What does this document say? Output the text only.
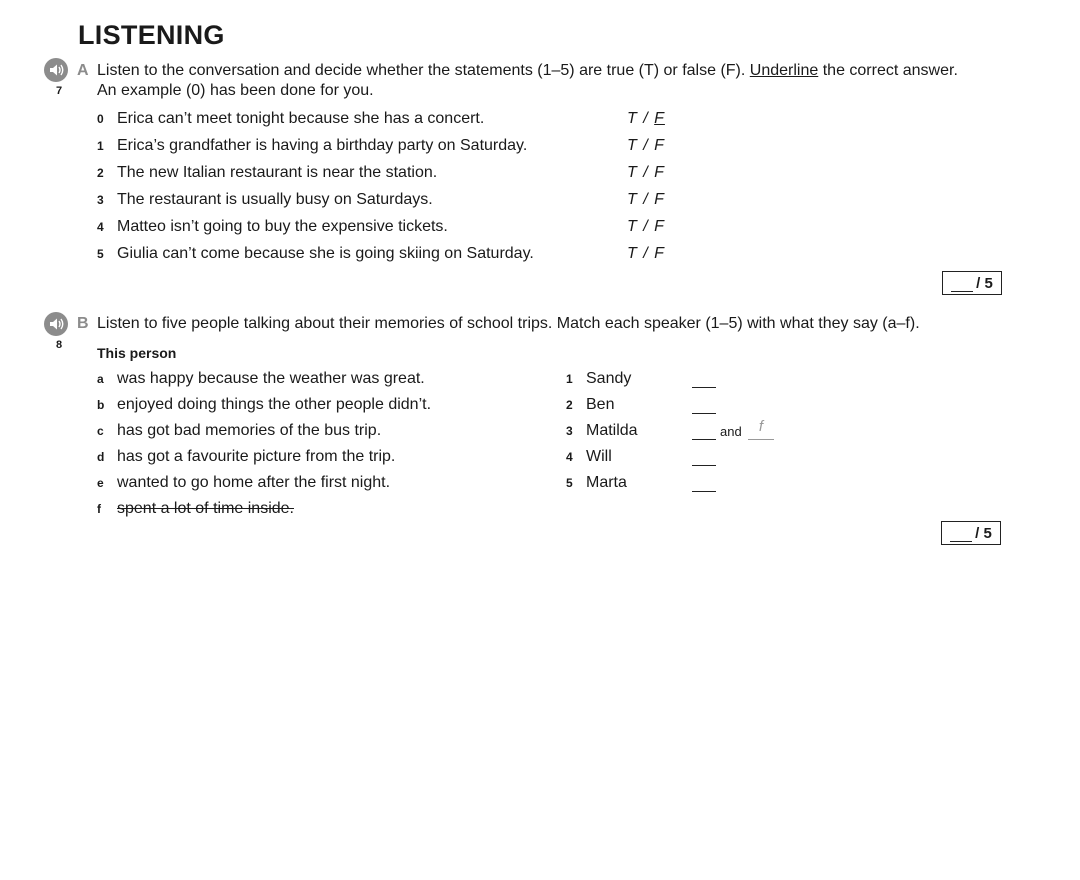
LISTENING
7
A Listen to the conversation and decide whether the statements (1–5) are true (T) or false (F). Underline the correct answer.
An example (0) has been done for you.
0 Erica can’t meet tonight because she has a concert.	T / F
1 Erica’s grandfather is having a birthday party on Saturday.	T / F
2 The new Italian restaurant is near the station.	T / F
3 The restaurant is usually busy on Saturdays.	T / F
4 Matteo isn’t going to buy the expensive tickets.	T / F
5 Giulia can’t come because she is going skiing on Saturday.	T / F
/ 5
8
B Listen to five people talking about their memories of school trips. Match each speaker (1–5) with what they say (a–f).
This person
a was happy because the weather was great.
b enjoyed doing things the other people didn’t.
c has got bad memories of the bus trip.
d has got a favourite picture from the trip.
e wanted to go home after the first night.
f spent a lot of time inside.
1 Sandy
2 Ben
3 Matilda	and	f
4 Will
5 Marta
/ 5
